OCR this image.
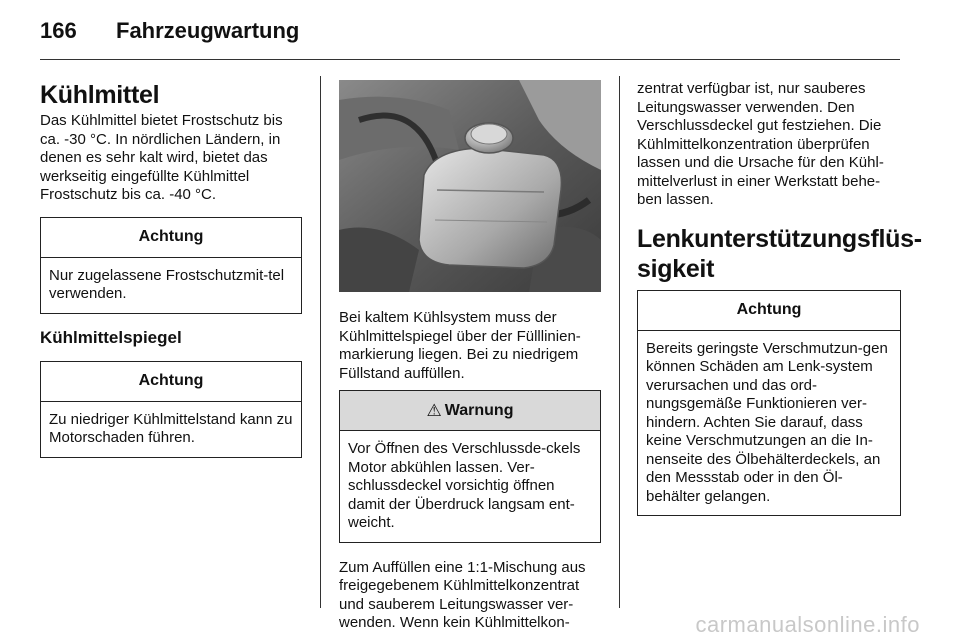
166 Fahrzeugwartung
Kühlmittel
Das Kühlmittel bietet Frostschutz bis ca. -30 °C. In nördlichen Ländern, in denen es sehr kalt wird, bietet das werkseitig eingefüllte Kühlmittel Frostschutz bis ca. -40 °C.
Achtung
Nur zugelassene Frostschutzmit-tel verwenden.
Kühlmittelspiegel
Achtung
Zu niedriger Kühlmittelstand kann zu Motorschaden führen.
Bei kaltem Kühlsystem muss der Kühlmittelspiegel über der Fülllinien-markierung liegen. Bei zu niedrigem Füllstand auffüllen.
⚠ Warnung
Vor Öffnen des Verschlussde-ckels Motor abkühlen lassen. Ver-schlussdeckel vorsichtig öffnen damit der Überdruck langsam ent-weicht.
Zum Auffüllen eine 1:1-Mischung aus freigegebenem Kühlmittelkonzentrat und sauberem Leitungswasser ver-wenden. Wenn kein Kühlmittelkon-
zentrat verfügbar ist, nur sauberes Leitungswasser verwenden. Den Verschlussdeckel gut festziehen. Die Kühlmittelkonzentration überprüfen lassen und die Ursache für den Kühl-mittelverlust in einer Werkstatt behe-ben lassen.
Lenkunterstützungsflüs-
sigkeit
Achtung
Bereits geringste Verschmutzun-gen können Schäden am Lenk-system verursachen und das ord-nungsgemäße Funktionieren ver-hindern. Achten Sie darauf, dass keine Verschmutzungen an die In-nenseite des Ölbehälterdeckels, an den Messstab oder in den Öl-behälter gelangen.
carmanualsonline.info
